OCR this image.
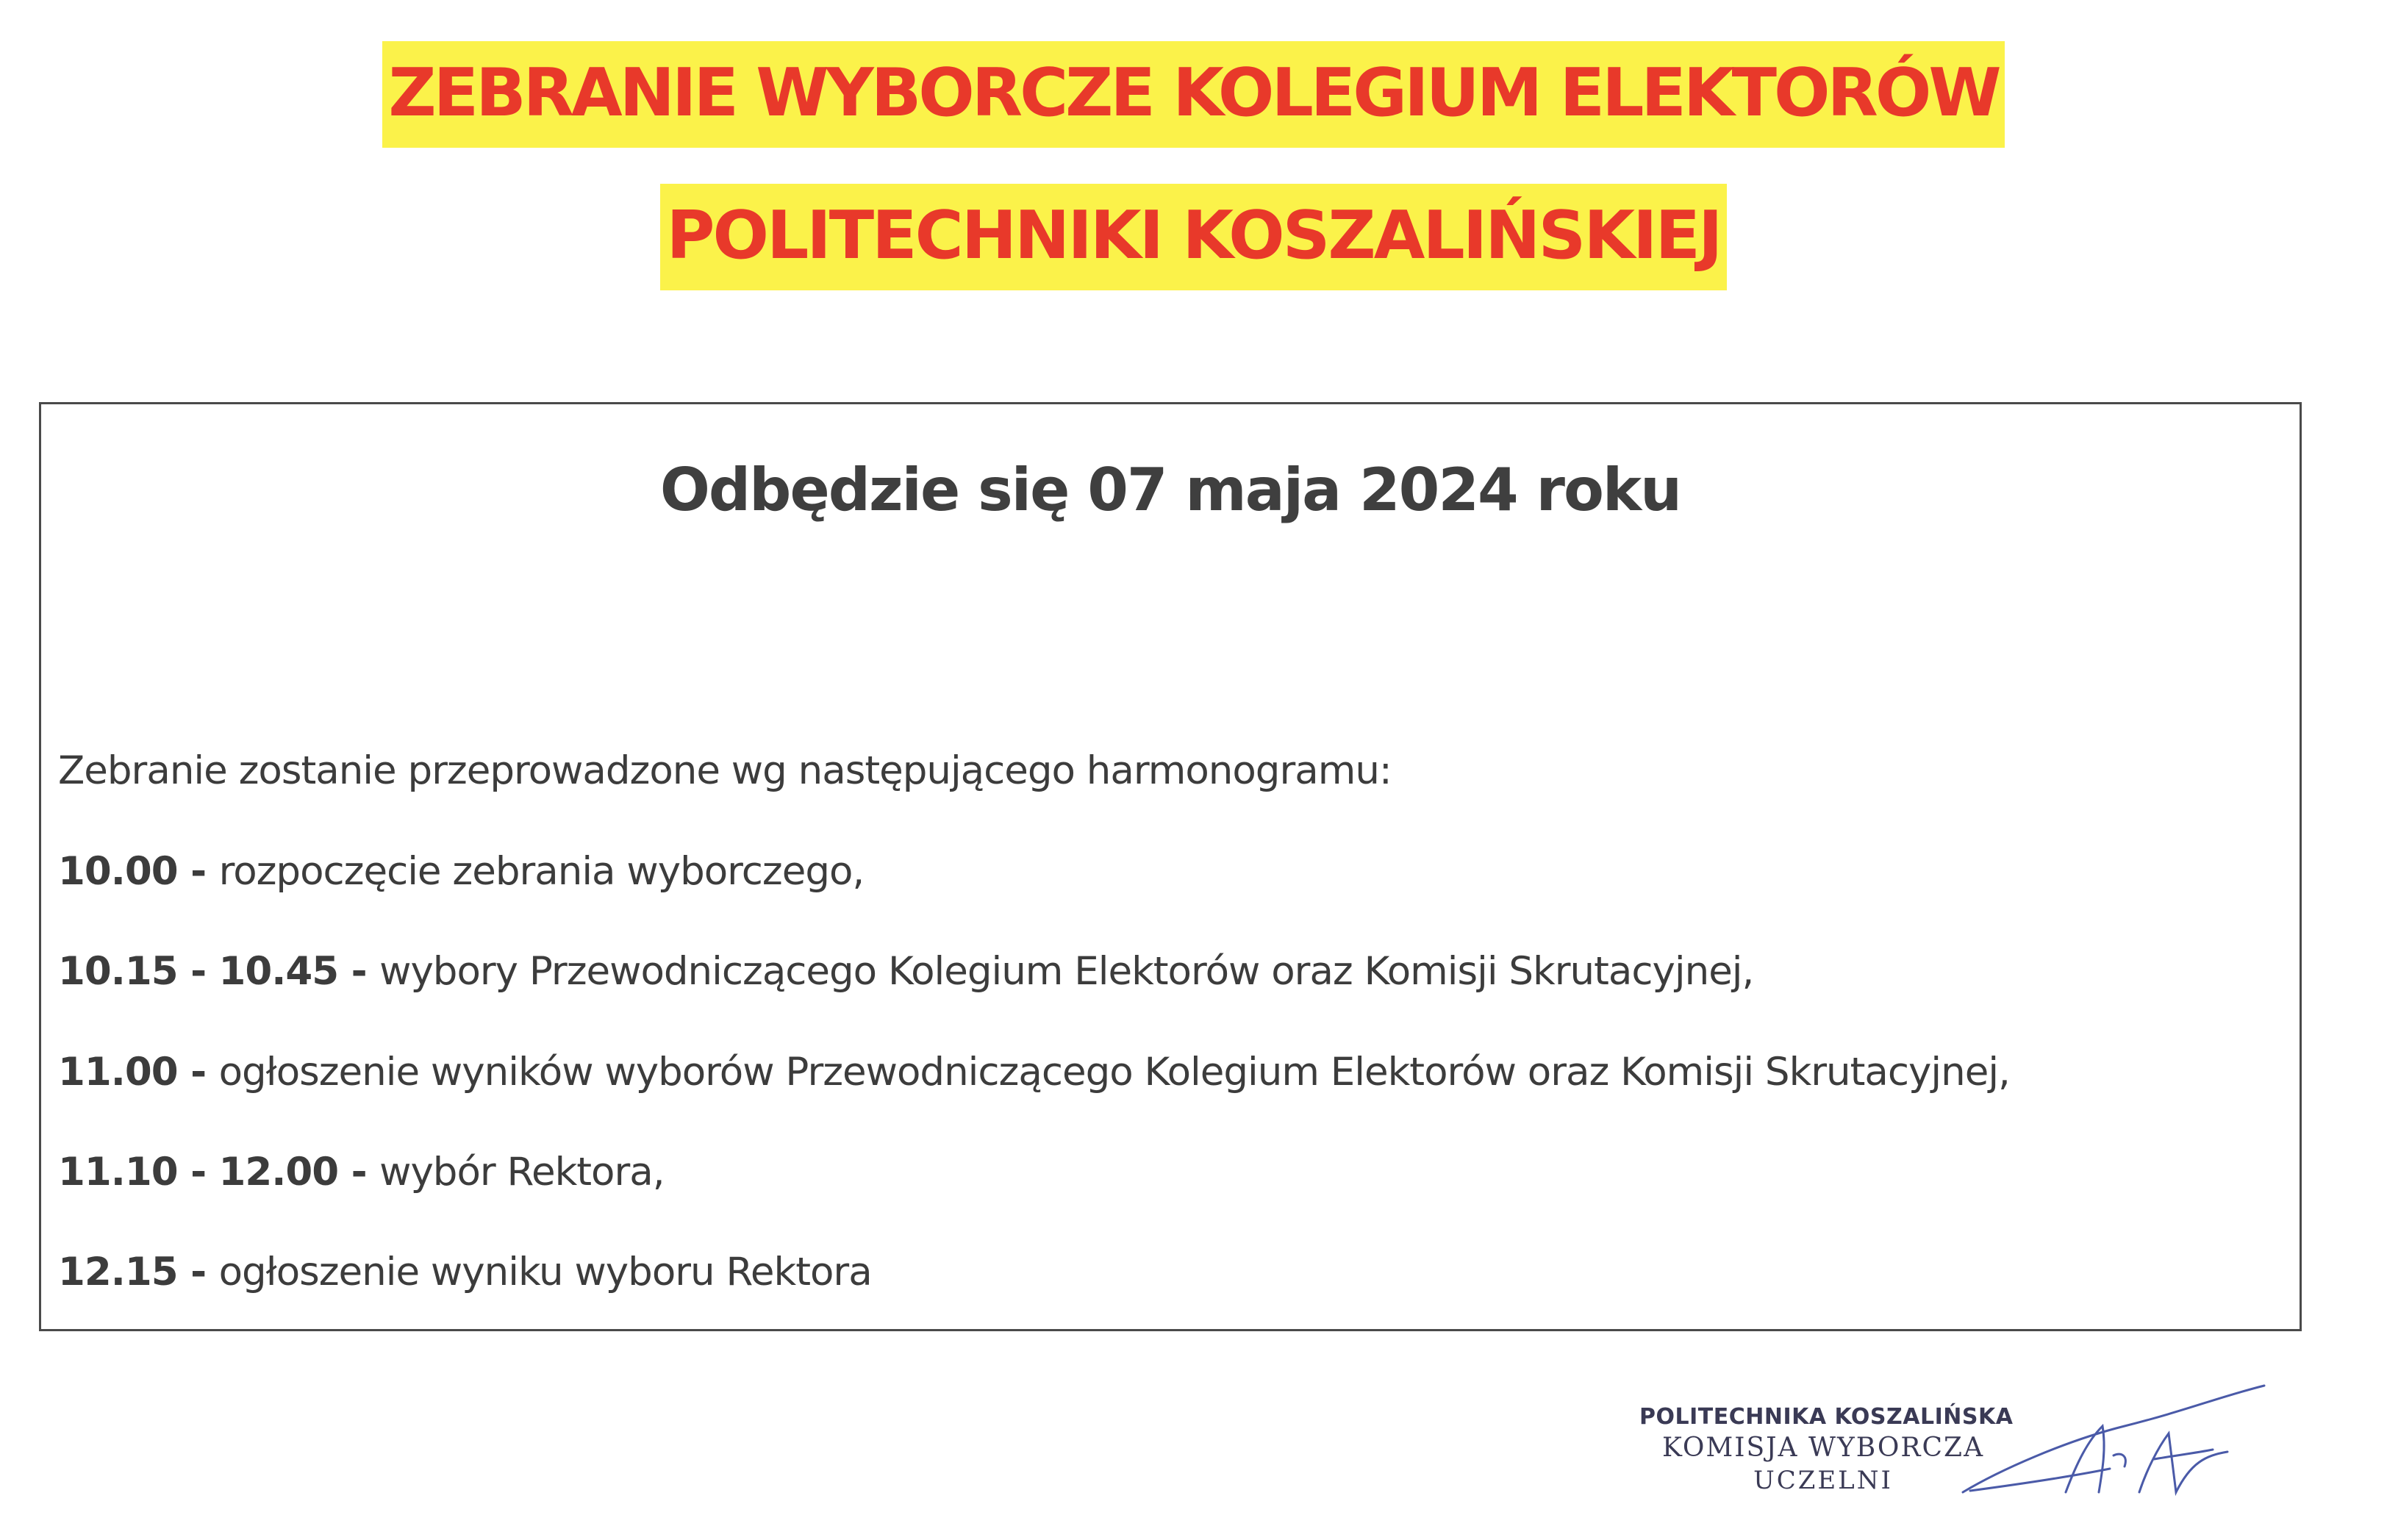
ZEBRANIE WYBORCZE KOLEGIUM ELEKTORÓW
POLITECHNIKI KOSZALIŃSKIEJ
Odbędzie się 07 maja 2024 roku

Zebranie zostanie przeprowadzone wg następującego harmonogramu:

10.00 - rozpoczęcie zebrania wyborczego,

10.15 - 10.45 - wybory Przewodniczącego Kolegium Elektorów oraz Komisji Skrutacyjnej,

11.00 - ogłoszenie wyników wyborów Przewodniczącego Kolegium Elektorów oraz Komisji Skrutacyjnej,

11.10 - 12.00 - wybór Rektora,

12.15 - ogłoszenie wyniku wyboru Rektora

POLITECHNIKA KOSZALIŃSKA
KOMISJA WYBORCZA
UCZELNI
